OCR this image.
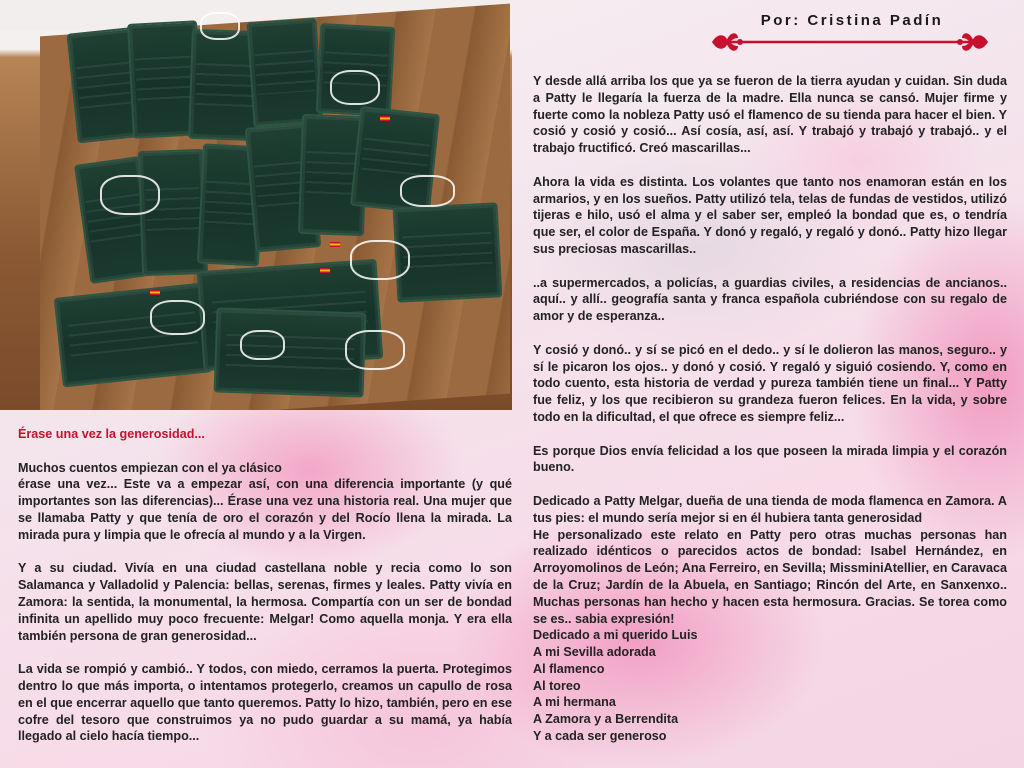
Por: Cristina Padín

Érase una vez la generosidad...

Muchos cuentos empiezan con el ya clásico

érase una vez... Este va a empezar así, con una diferencia importante (y qué importantes son las diferencias)... Érase una vez una historia real. Una mujer que se llamaba Patty y que tenía de oro el corazón y del Rocío llena la mirada. La mirada pura y limpia que le ofrecía al mundo y a la Virgen.

Y a su ciudad. Vivía en una ciudad castellana noble y recia como lo son Salamanca y Valladolid y Palencia: bellas, serenas, firmes y leales. Patty vivía en Zamora: la sentida, la monumental, la hermosa. Compartía con un ser de bondad infinita un apellido muy poco frecuente: Melgar! Como aquella monja. Y era ella también persona de gran generosidad...

La vida se rompió y cambió.. Y todos, con miedo, cerramos la puerta. Protegimos dentro lo que más importa, o intentamos protegerlo, creamos un capullo de rosa en el que encerrar aquello que tanto queremos. Patty lo hizo, también, pero en ese cofre del tesoro que construimos ya no pudo guardar a su mamá, ya había llegado al cielo hacía tiempo...

Y desde allá arriba los que ya se fueron de la tierra ayudan y cuidan. Sin duda a Patty le llegaría la fuerza de la madre. Ella nunca se cansó. Mujer firme y fuerte como la nobleza Patty usó el flamenco de su tienda para hacer el bien. Y cosió y cosió y cosió... Así cosía, así, así. Y trabajó y trabajó y trabajó.. y el trabajo fructificó. Creó mascarillas...

Ahora la vida es distinta. Los volantes que tanto nos enamoran están en los armarios, y en los sueños. Patty utilizó tela, telas de fundas de vestidos, utilizó tijeras e hilo, usó el alma y el saber ser, empleó la bondad que es, o tendría que ser, el color de España. Y donó y regaló, y regaló y donó.. Patty hizo llegar sus preciosas mascarillas..

..a supermercados, a policías, a guardias civiles, a residencias de ancianos.. aquí.. y allí.. geografía santa y franca española cubriéndose con su regalo de amor y de esperanza..

Y cosió y donó.. y sí se picó en el dedo.. y sí le dolieron las manos, seguro.. y sí le picaron los ojos.. y donó y cosió. Y regaló y siguió cosiendo. Y, como en todo cuento, esta historia de verdad y pureza también tiene un final... Y Patty fue feliz, y los que recibieron su grandeza fueron felices. En la vida, y sobre todo en la dificultad, el que ofrece es siempre feliz...

Es porque Dios envía felicidad a los que poseen la mirada limpia y el corazón bueno.

Dedicado a Patty Melgar, dueña de una tienda de moda flamenca en Zamora. A tus pies: el mundo sería mejor si en él hubiera tanta generosidad
He personalizado este relato en Patty pero otras muchas personas han realizado idénticos o parecidos actos de bondad: Isabel Hernández, en Arroyomolinos de León; Ana Ferreiro, en Sevilla; MissminiAtellier, en Caravaca de la Cruz; Jardín de la Abuela, en Santiago; Rincón del Arte, en Sanxenxo.. Muchas personas han hecho y hacen esta hermosura. Gracias. Se torea como se es.. sabia expresión!
Dedicado a mi querido Luis
A mi Sevilla adorada
Al flamenco
Al toreo
A mi hermana
A Zamora y a Berrendita
Y a cada ser generoso
